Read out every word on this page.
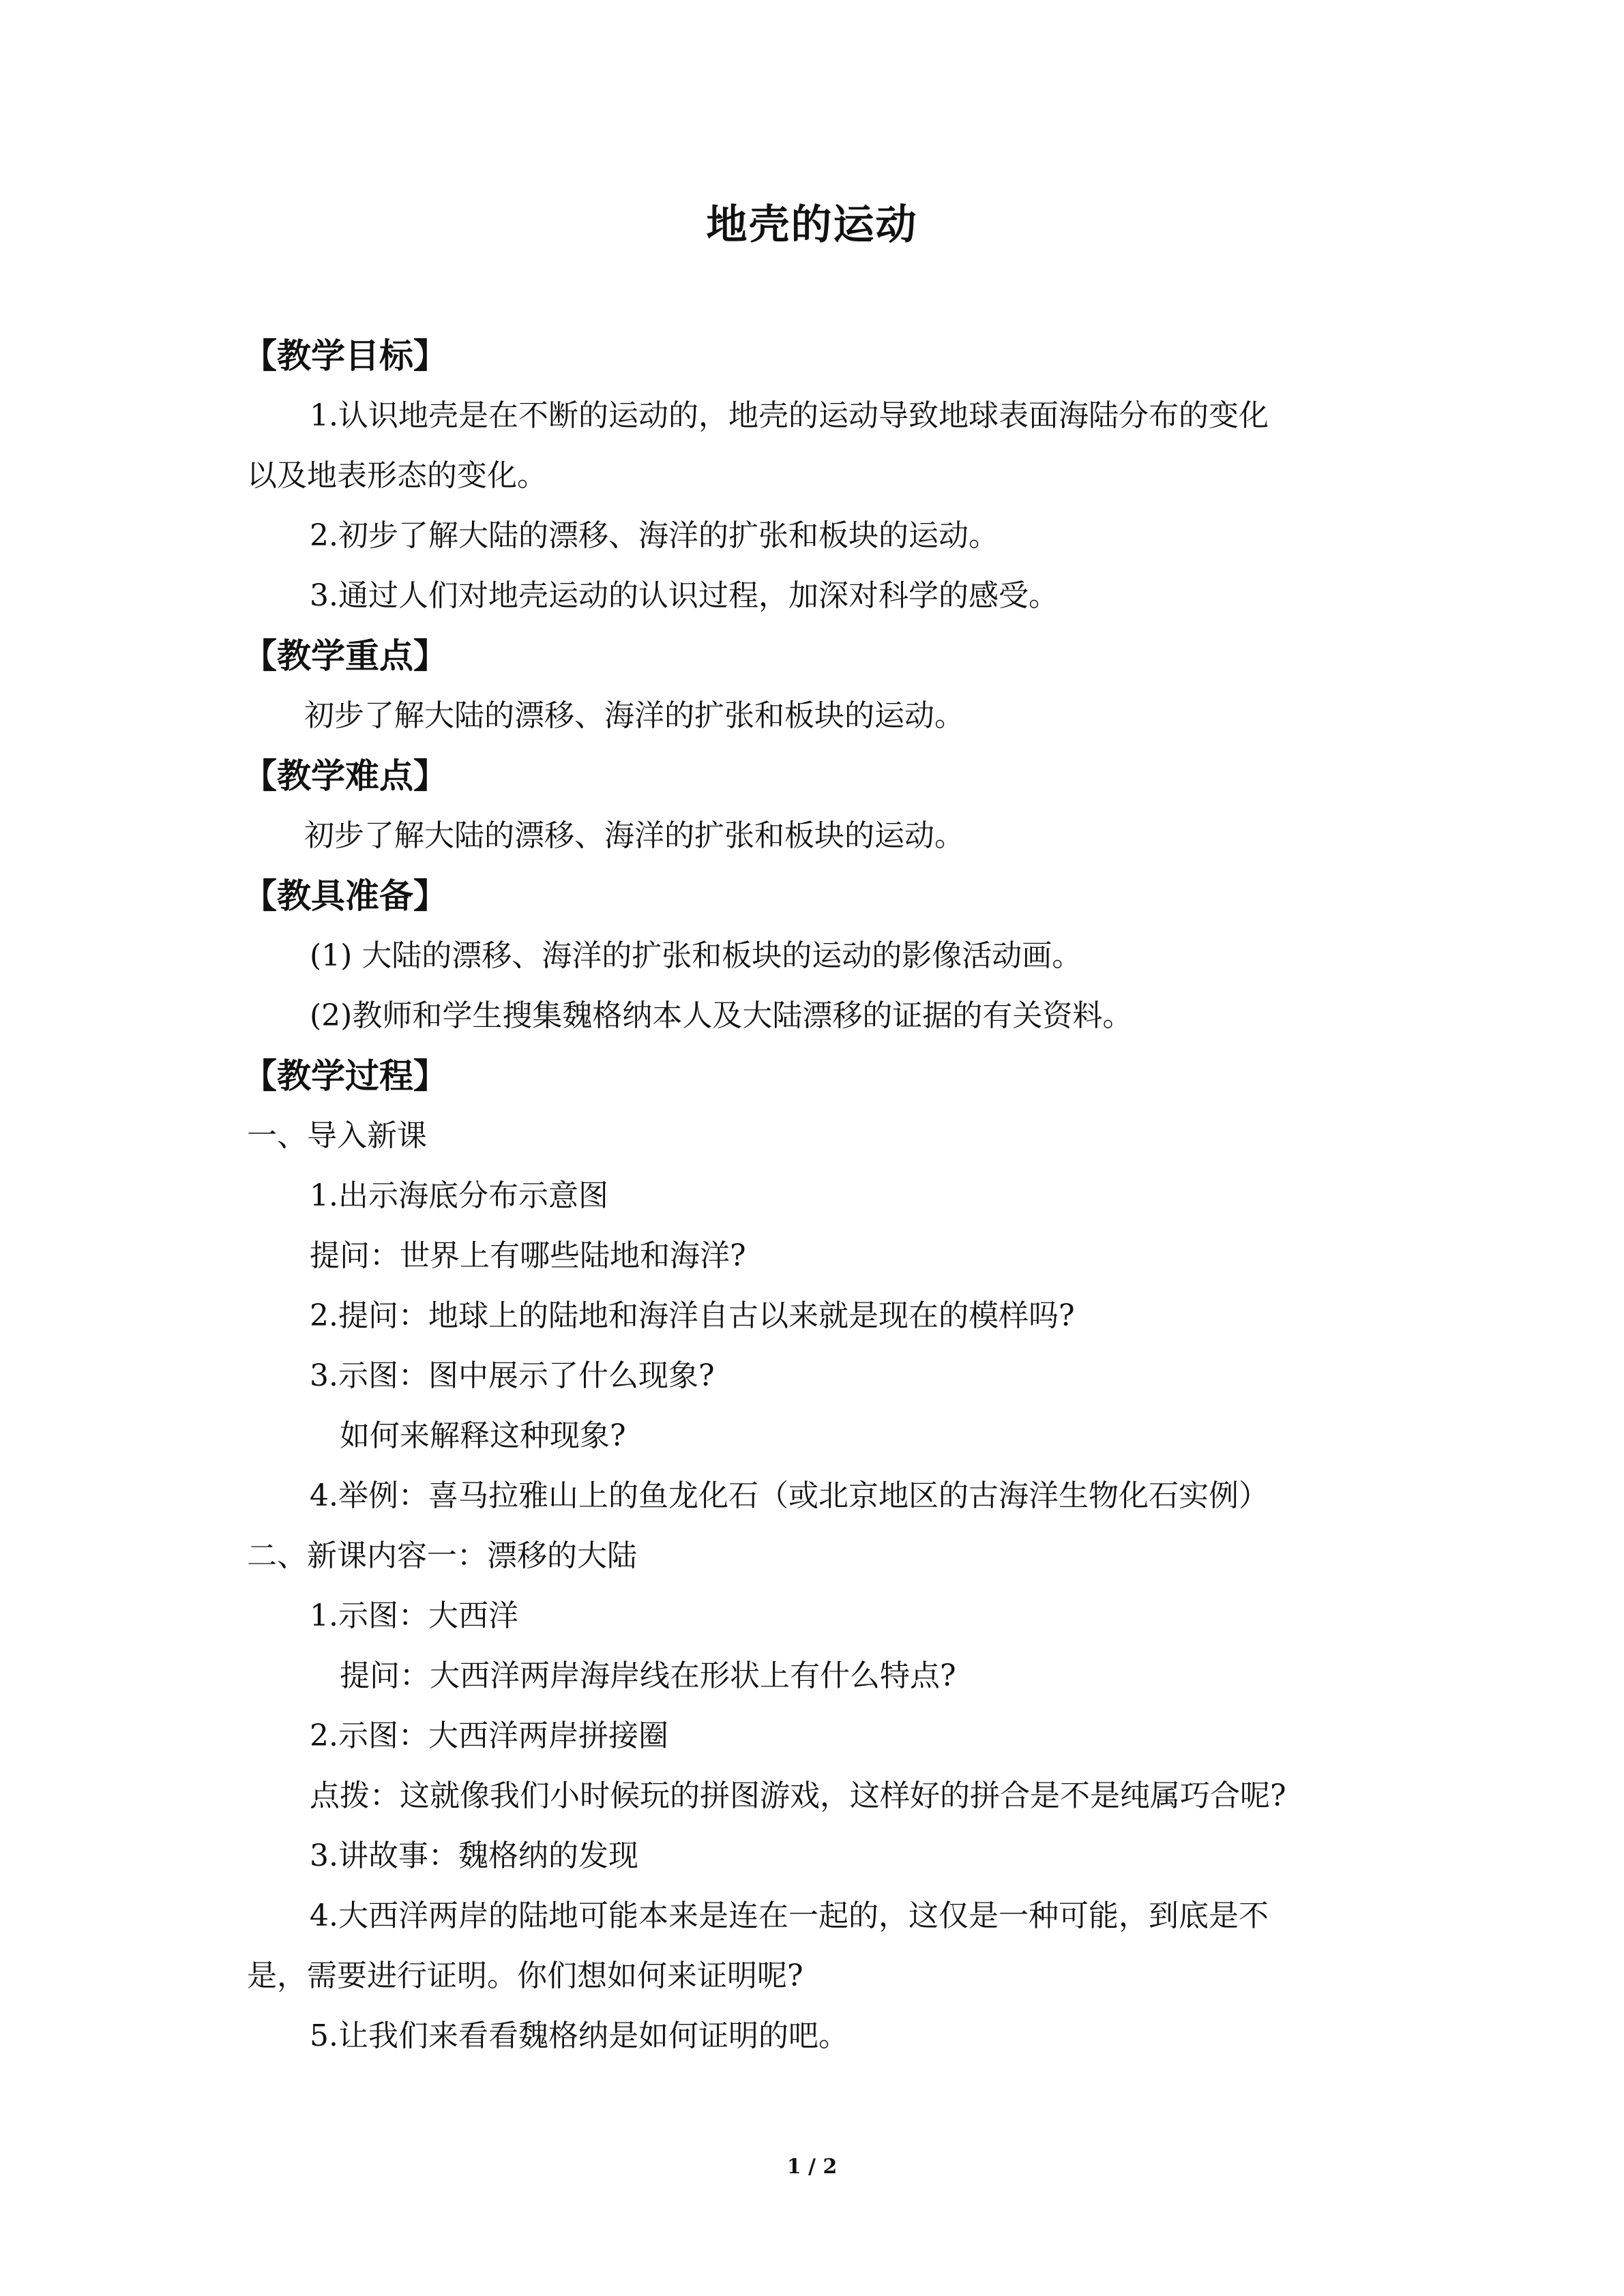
地壳的运动
【教学目标】
1.认识地壳是在不断的运动的，地壳的运动导致地球表面海陆分布的变化
以及地表形态的变化。
2.初步了解大陆的漂移、海洋的扩张和板块的运动。
3.通过人们对地壳运动的认识过程，加深对科学的感受。
【教学重点】
初步了解大陆的漂移、海洋的扩张和板块的运动。
【教学难点】
初步了解大陆的漂移、海洋的扩张和板块的运动。
【教具准备】
(1) 大陆的漂移、海洋的扩张和板块的运动的影像活动画。
(2)教师和学生搜集魏格纳本人及大陆漂移的证据的有关资料。
【教学过程】
一、导入新课
1.出示海底分布示意图
提问：世界上有哪些陆地和海洋?
2.提问：地球上的陆地和海洋自古以来就是现在的模样吗?
3.示图：图中展示了什么现象?
如何来解释这种现象?
4.举例：喜马拉雅山上的鱼龙化石（或北京地区的古海洋生物化石实例）
二、新课内容一：漂移的大陆
1.示图：大西洋
提问：大西洋两岸海岸线在形状上有什么特点?
2.示图：大西洋两岸拼接圈
点拨：这就像我们小时候玩的拼图游戏，这样好的拼合是不是纯属巧合呢?
3.讲故事：魏格纳的发现
4.大西洋两岸的陆地可能本来是连在一起的，这仅是一种可能，到底是不
是，需要进行证明。你们想如何来证明呢?
5.让我们来看看魏格纳是如何证明的吧。
1 / 2
